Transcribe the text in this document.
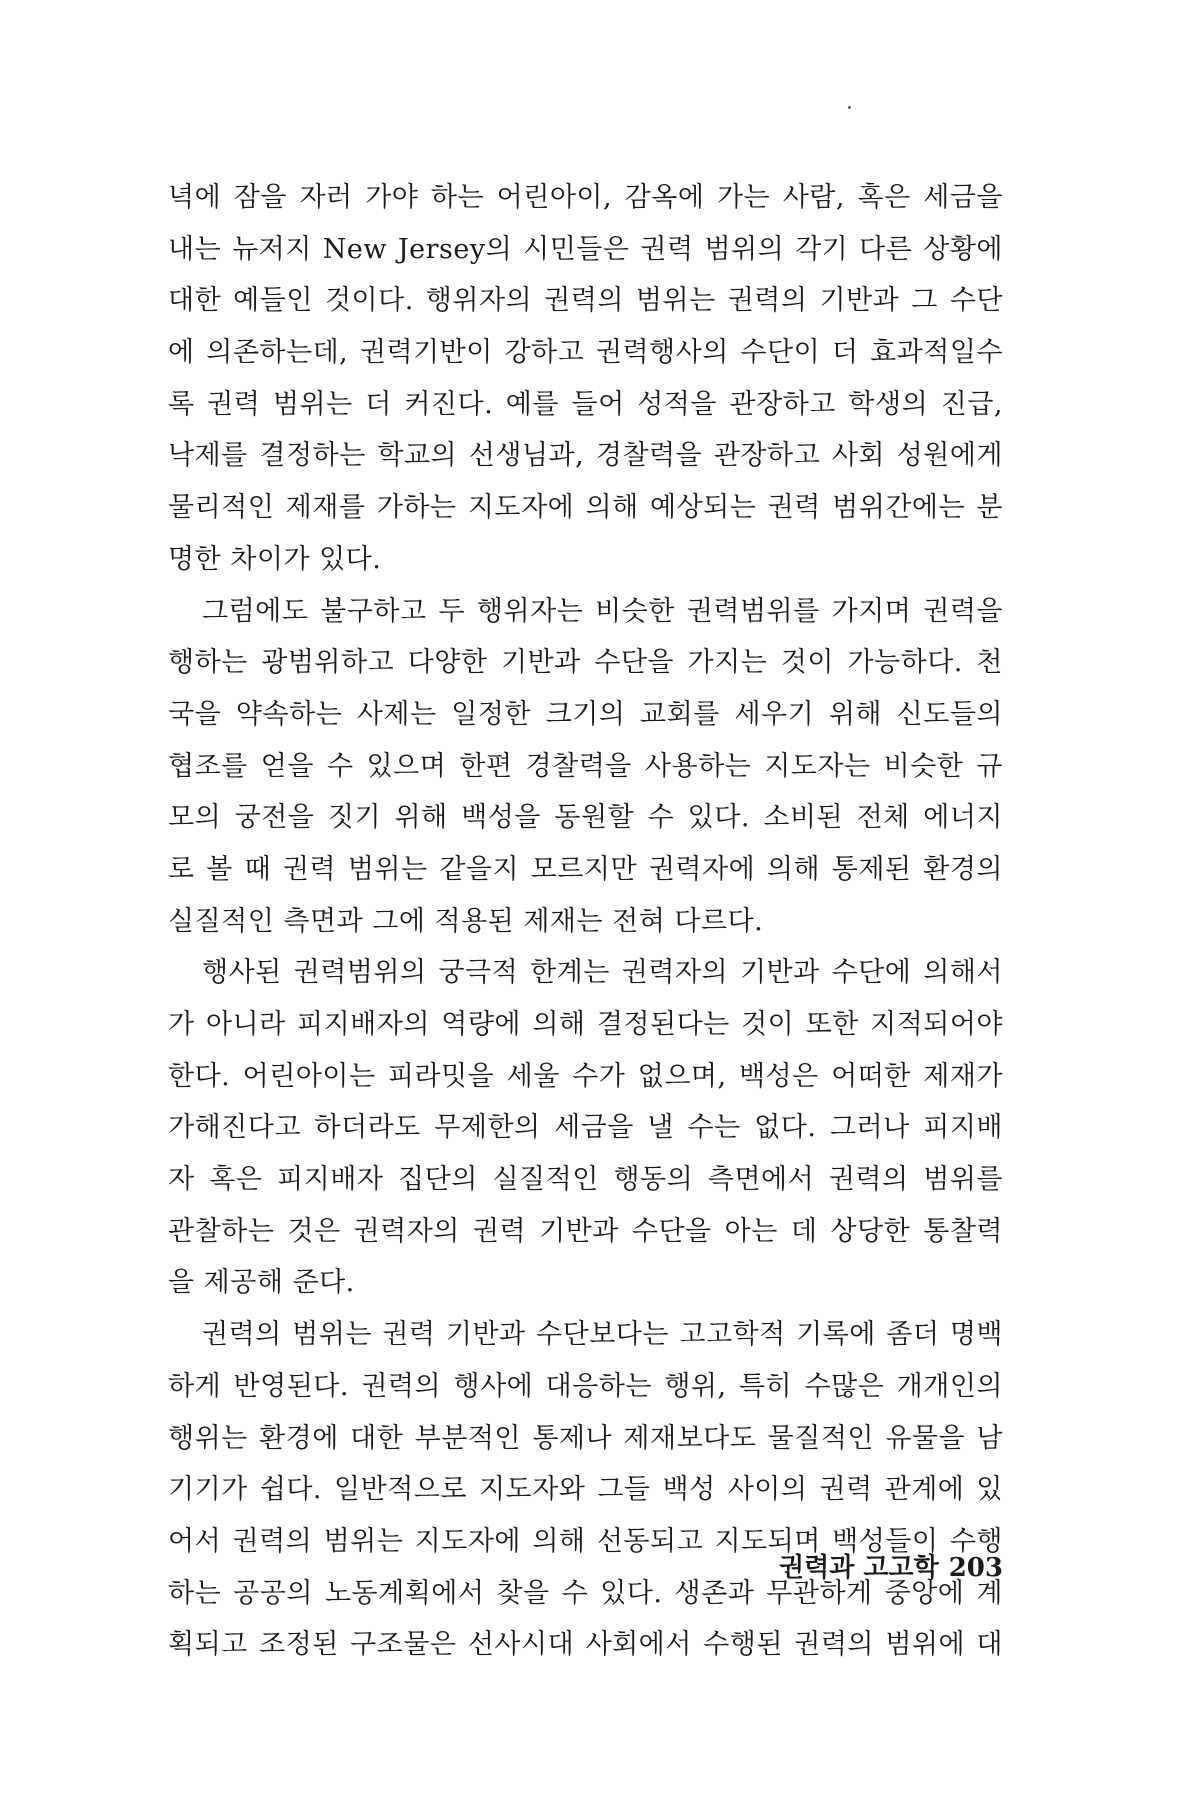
녁에 잠을 자러 가야 하는 어린아이, 감옥에 가는 사람, 혹은 세금을
내는 뉴저지 New Jersey의 시민들은 권력 범위의 각기 다른 상황에
대한 예들인 것이다. 행위자의 권력의 범위는 권력의 기반과 그 수단
에 의존하는데, 권력기반이 강하고 권력행사의 수단이 더 효과적일수
록 권력 범위는 더 커진다. 예를 들어 성적을 관장하고 학생의 진급,
낙제를 결정하는 학교의 선생님과, 경찰력을 관장하고 사회 성원에게
물리적인 제재를 가하는 지도자에 의해 예상되는 권력 범위간에는 분
명한 차이가 있다.
그럼에도 불구하고 두 행위자는 비슷한 권력범위를 가지며 권력을
행하는 광범위하고 다양한 기반과 수단을 가지는 것이 가능하다. 천
국을 약속하는 사제는 일정한 크기의 교회를 세우기 위해 신도들의
협조를 얻을 수 있으며 한편 경찰력을 사용하는 지도자는 비슷한 규
모의 궁전을 짓기 위해 백성을 동원할 수 있다. 소비된 전체 에너지
로 볼 때 권력 범위는 같을지 모르지만 권력자에 의해 통제된 환경의
실질적인 측면과 그에 적용된 제재는 전혀 다르다.
행사된 권력범위의 궁극적 한계는 권력자의 기반과 수단에 의해서
가 아니라 피지배자의 역량에 의해 결정된다는 것이 또한 지적되어야
한다. 어린아이는 피라밋을 세울 수가 없으며, 백성은 어떠한 제재가
가해진다고 하더라도 무제한의 세금을 낼 수는 없다. 그러나 피지배
자 혹은 피지배자 집단의 실질적인 행동의 측면에서 권력의 범위를
관찰하는 것은 권력자의 권력 기반과 수단을 아는 데 상당한 통찰력
을 제공해 준다.
권력의 범위는 권력 기반과 수단보다는 고고학적 기록에 좀더 명백
하게 반영된다. 권력의 행사에 대응하는 행위, 특히 수많은 개개인의
행위는 환경에 대한 부분적인 통제나 제재보다도 물질적인 유물을 남
기기가 쉽다. 일반적으로 지도자와 그들 백성 사이의 권력 관계에 있
어서 권력의 범위는 지도자에 의해 선동되고 지도되며 백성들이 수행
하는 공공의 노동계획에서 찾을 수 있다. 생존과 무관하게 중앙에 계
획되고 조정된 구조물은 선사시대 사회에서 수행된 권력의 범위에 대
권력과 고고학 203
